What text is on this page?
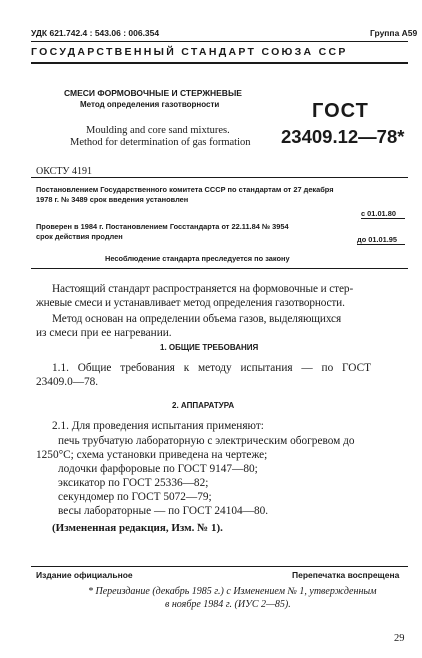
УДК 621.742.4 : 543.06 : 006.354	Группа А59
ГОСУДАРСТВЕННЫЙ СТАНДАРТ СОЮЗА ССР
СМЕСИ ФОРМОВОЧНЫЕ И СТЕРЖНЕВЫЕ
Метод определения газотворности
Moulding and core sand mixtures.
Method for determination of gas formation
ГОСТ
23409.12—78*
ОКСТУ 4191
Постановлением Государственного комитета СССР по стандартам от 27 декабря
1978 г. № 3489 срок введения установлен
с 01.01.80
Проверен в 1984 г. Постановлением Госстандарта от 22.11.84 № 3954
срок действия продлен	до 01.01.95
Несоблюдение стандарта преследуется по закону
Настоящий стандарт распространяется на формовочные и стер-
жневые смеси и устанавливает метод определения газотворности.
Метод основан на определении объема газов, выделяющихся
из смеси при ее нагревании.
1. ОБЩИЕ ТРЕБОВАНИЯ
1.1. Общие требования к методу испытания — по ГОСТ
23409.0—78.
2. АППАРАТУРА
2.1. Для проведения испытания применяют:
печь трубчатую лабораторную с электрическим обогревом до
1250°С; схема установки приведена на чертеже;
лодочки фарфоровые по ГОСТ 9147—80;
эксикатор по ГОСТ 25336—82;
секундомер по ГОСТ 5072—79;
весы лабораторные — по ГОСТ 24104—80.
(Измененная редакция, Изм. № 1).
Издание официальное	Перепечатка воспрещена
* Переиздание (декабрь 1985 г.) с Изменением № 1, утвержденным
в ноябре 1984 г. (ИУС 2—85).
29
